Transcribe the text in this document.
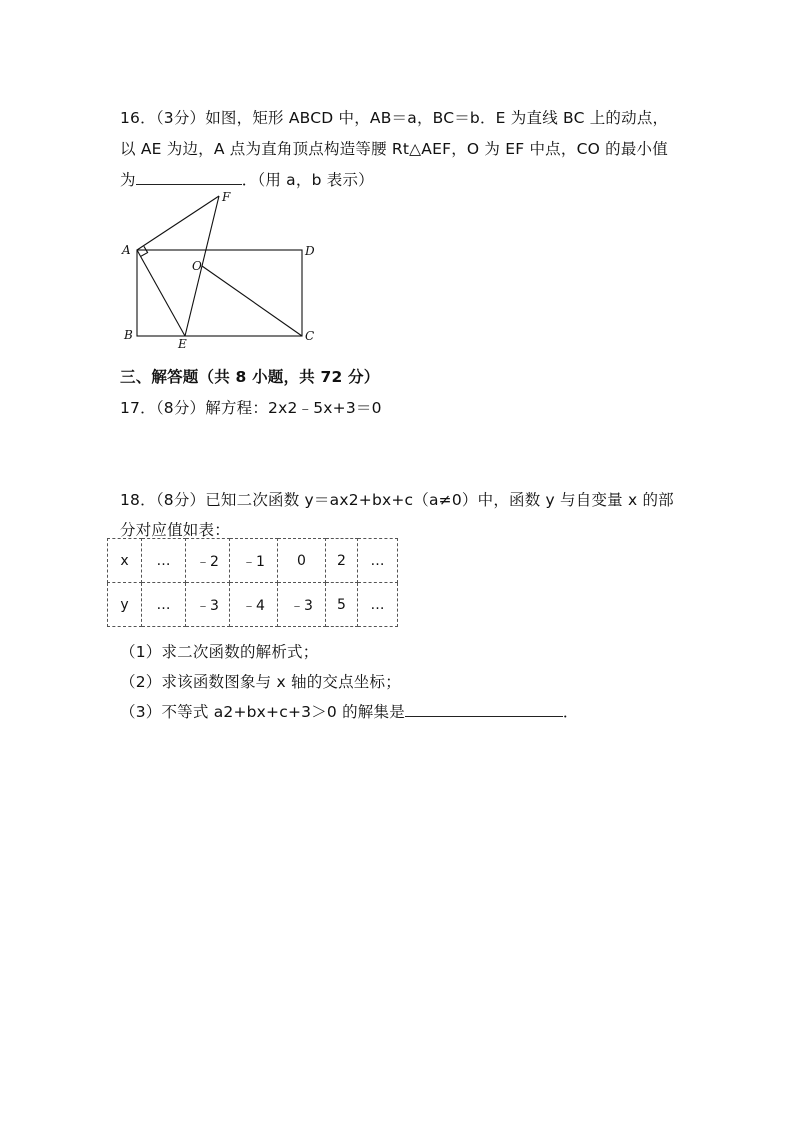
16．（3分）如图，矩形 ABCD 中，AB＝a，BC＝b．E 为直线 BC 上的动点，
以 AE 为边，A 点为直角顶点构造等腰 Rt△AEF，O 为 EF 中点，CO 的最小值
为	．（用 a，b 表示）
A
B	C
D
E
F
O
三、解答题（共 8 小题，共 72 分）
17．（8分）解方程：2x2﹣5x+3＝0
18．（8分）已知二次函数 y＝ax2+bx+c（a≠0）中，函数 y 与自变量 x 的部
分对应值如表：
x	…	﹣2	﹣1	0	2	…
y	…	﹣3	﹣4	﹣3	5	…
（1）求二次函数的解析式；
（2）求该函数图象与 x 轴的交点坐标；
（3）不等式 a2+bx+c+3＞0 的解集是	．
